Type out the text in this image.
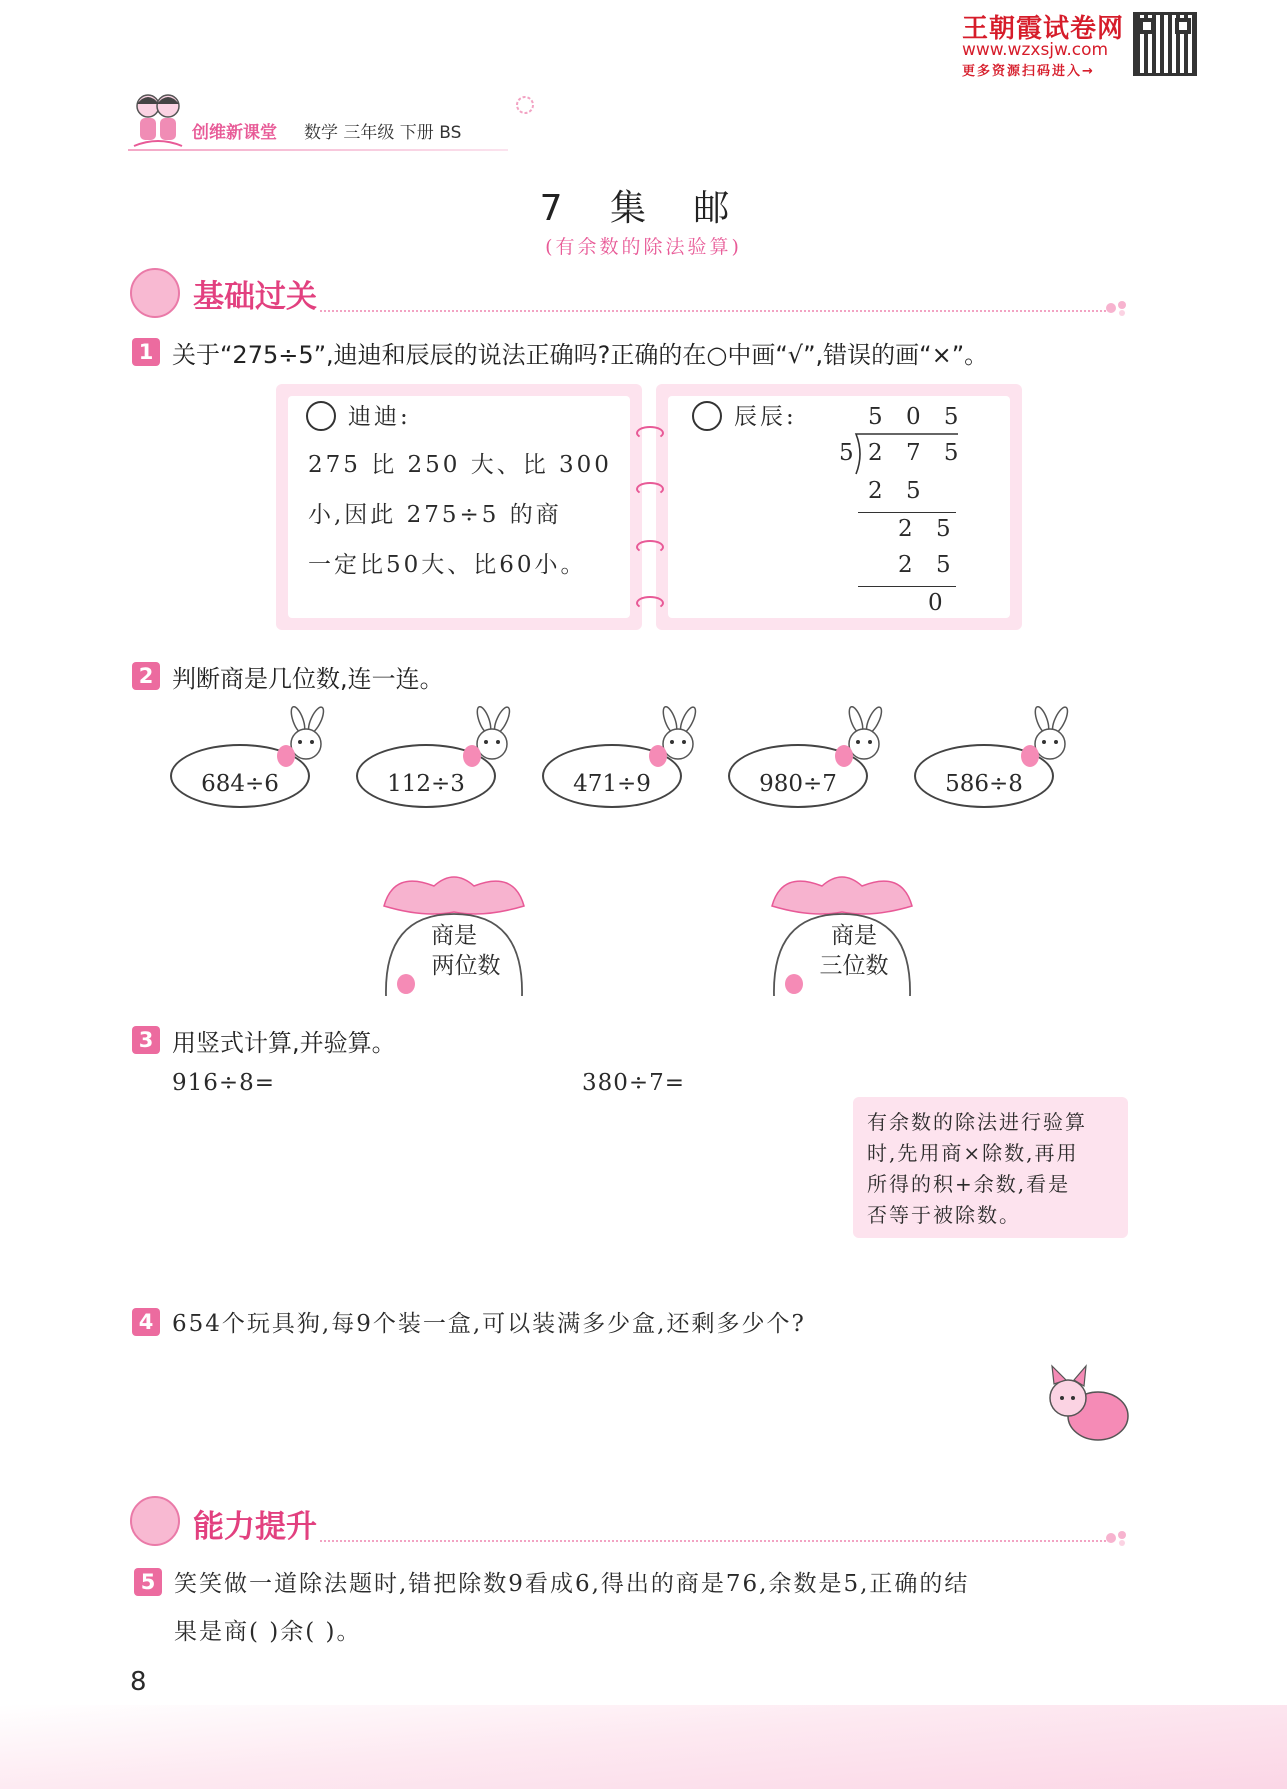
王朝霞试卷网
www.wzxsjw.com
更多资源扫码进入→
创维新课堂 数学 三年级 下册 BS
7 集 邮
(有余数的除法验算)
基础过关
1 关于“275÷5”,迪迪和辰辰的说法正确吗?正确的在○中画“√”,错误的画“×”。
迪迪:
275 比 250 大、比 300
小,因此 275÷5 的商
一定比50大、比60小。
辰辰:	5 0 5
5 2 7 5
2 5
2 5
2 5
0
2 判断商是几位数,连一连。
684÷6	112÷3	471÷9	980÷7	586÷8
商是
两位数
商是
三位数
3 用竖式计算,并验算。
916÷8=	380÷7=
有余数的除法进行验算
时,先用商×除数,再用
所得的积+余数,看是
否等于被除数。
4 654个玩具狗,每9个装一盒,可以装满多少盒,还剩多少个?
能力提升
5 笑笑做一道除法题时,错把除数9看成6,得出的商是76,余数是5,正确的结
果是商( )余( )。
8
